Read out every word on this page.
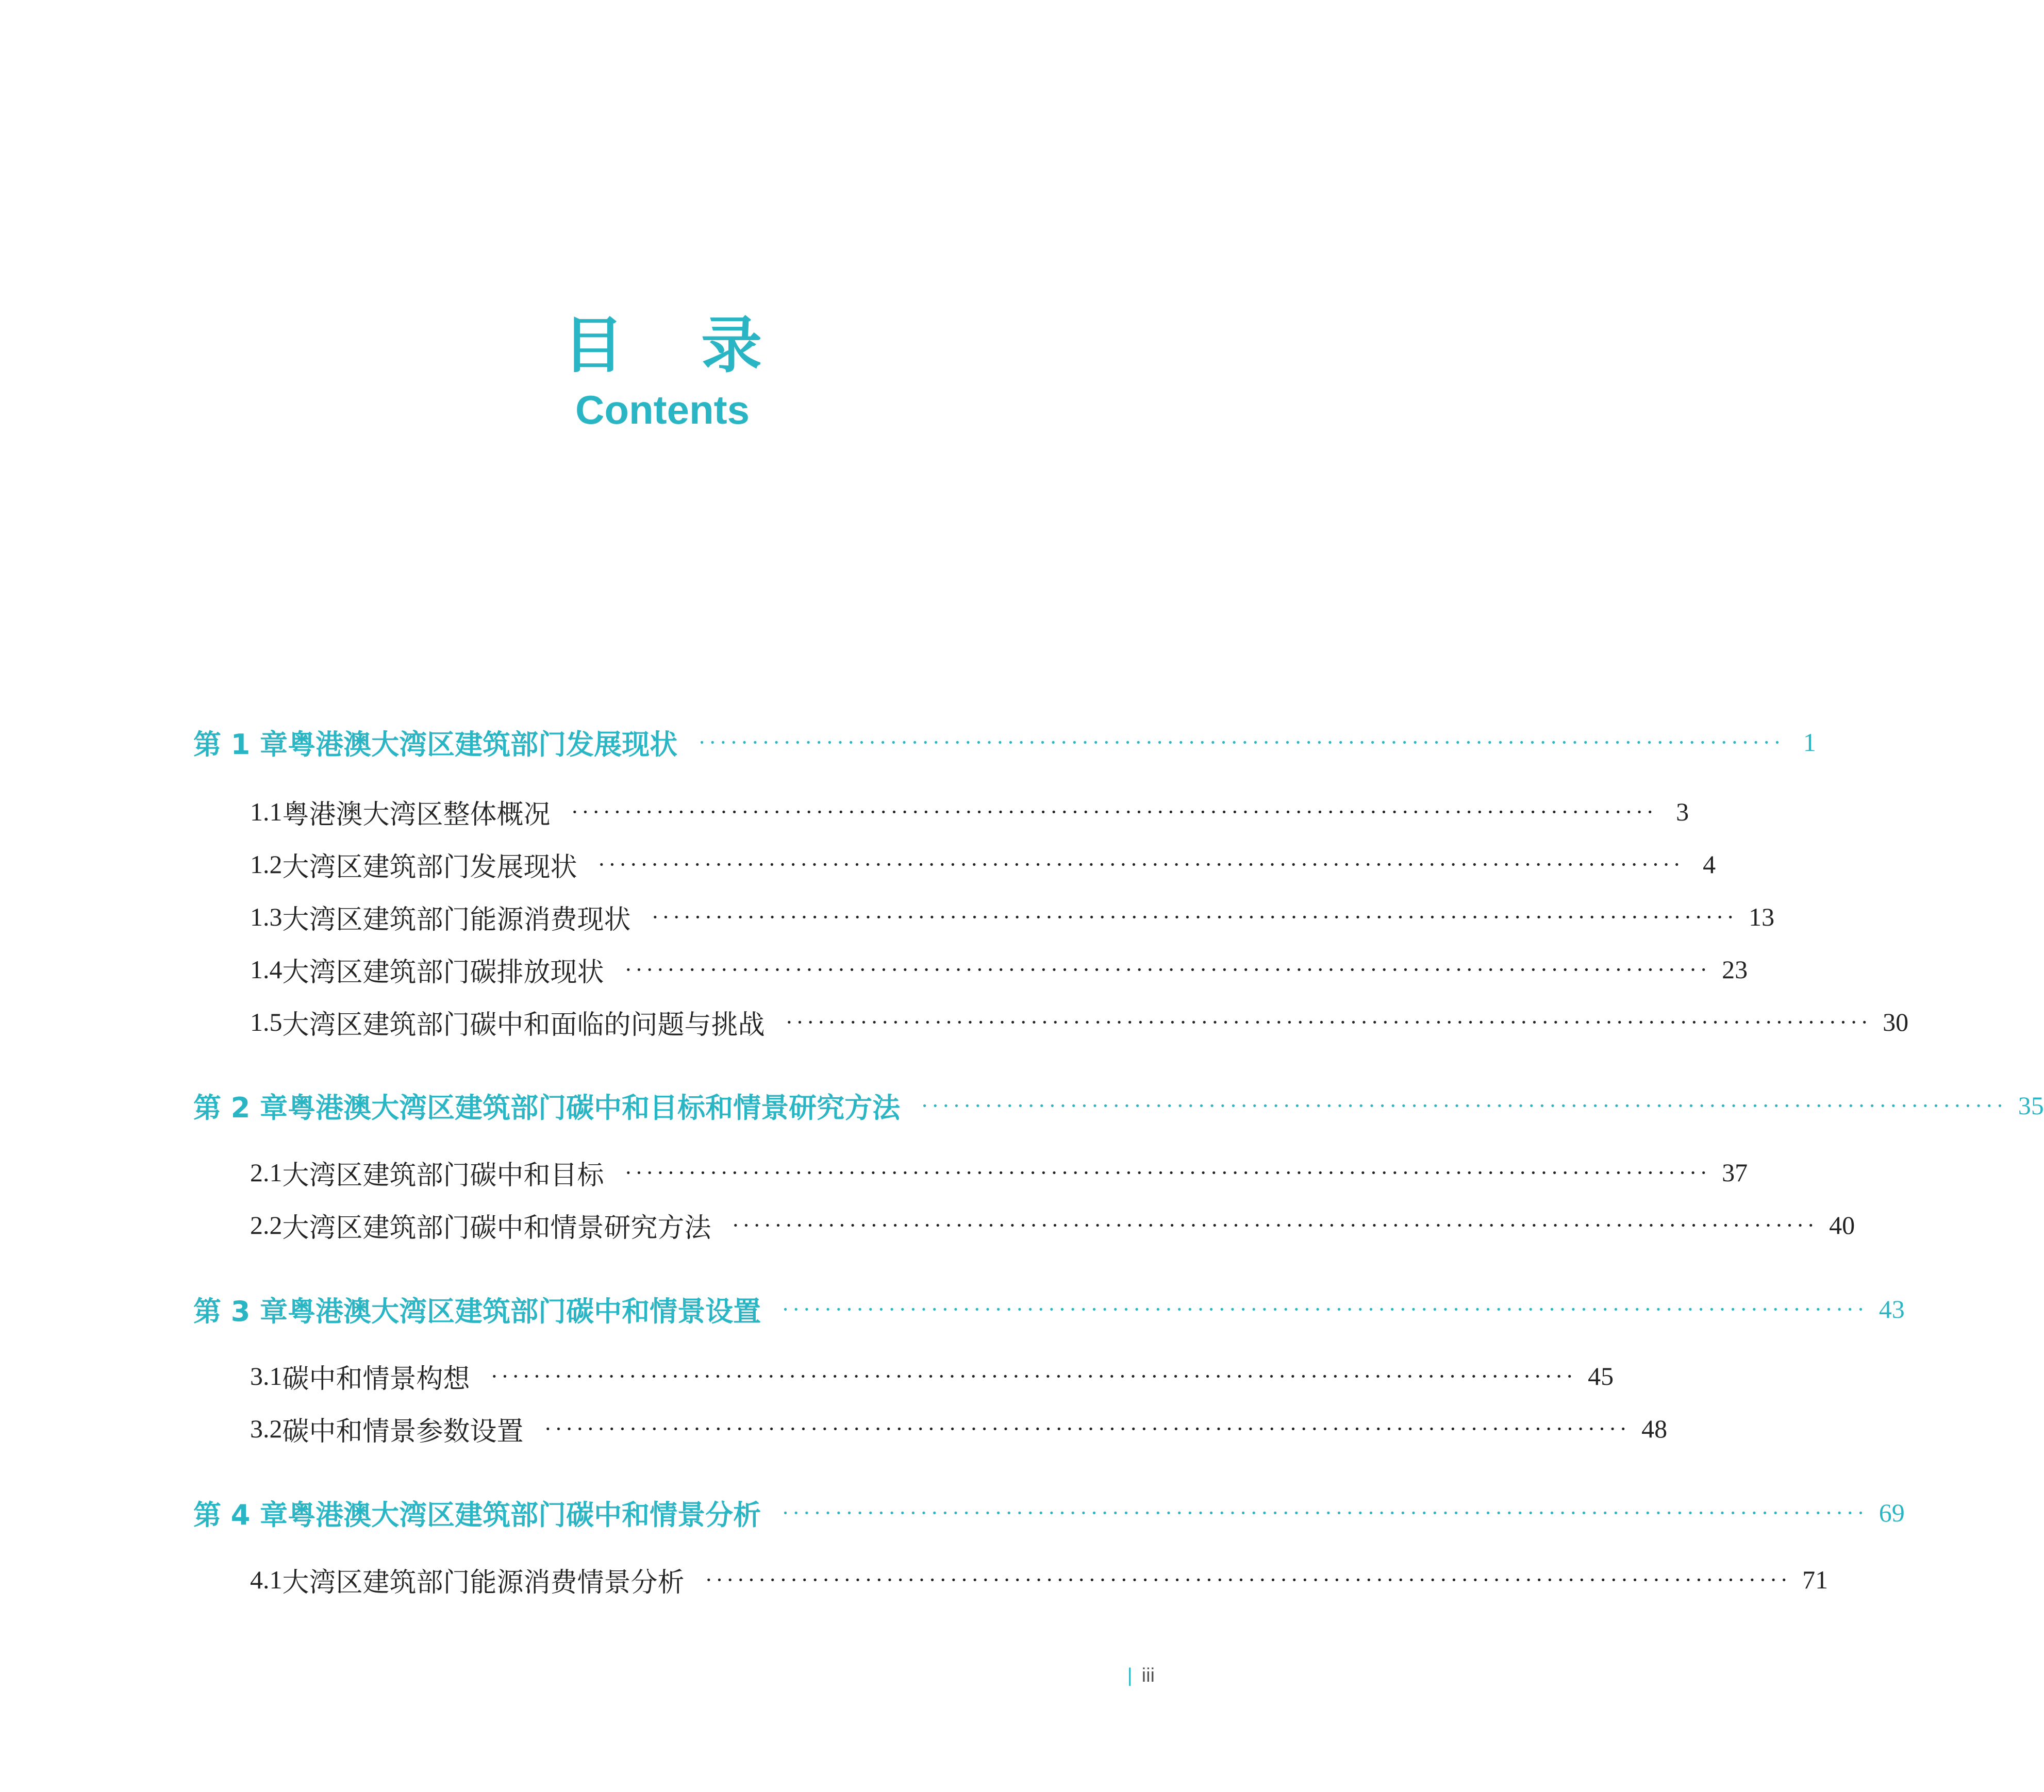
目录
Contents
第 1 章 粤港澳大湾区建筑部门发展现状 ······································································································ 1
1.1 粤港澳大湾区整体概况 ······································································································ 3
1.2 大湾区建筑部门发展现状 ······································································································ 4
1.3 大湾区建筑部门能源消费现状 ······································································································ 13
1.4 大湾区建筑部门碳排放现状 ······································································································ 23
1.5 大湾区建筑部门碳中和面临的问题与挑战 ······································································································ 30
第 2 章 粤港澳大湾区建筑部门碳中和目标和情景研究方法 ······································································································ 35
2.1 大湾区建筑部门碳中和目标 ······································································································ 37
2.2 大湾区建筑部门碳中和情景研究方法 ······································································································ 40
第 3 章 粤港澳大湾区建筑部门碳中和情景设置 ······································································································ 43
3.1 碳中和情景构想 ······································································································ 45
3.2 碳中和情景参数设置 ······································································································ 48
第 4 章 粤港澳大湾区建筑部门碳中和情景分析 ······································································································ 69
4.1 大湾区建筑部门能源消费情景分析 ······································································································ 71
| iii
